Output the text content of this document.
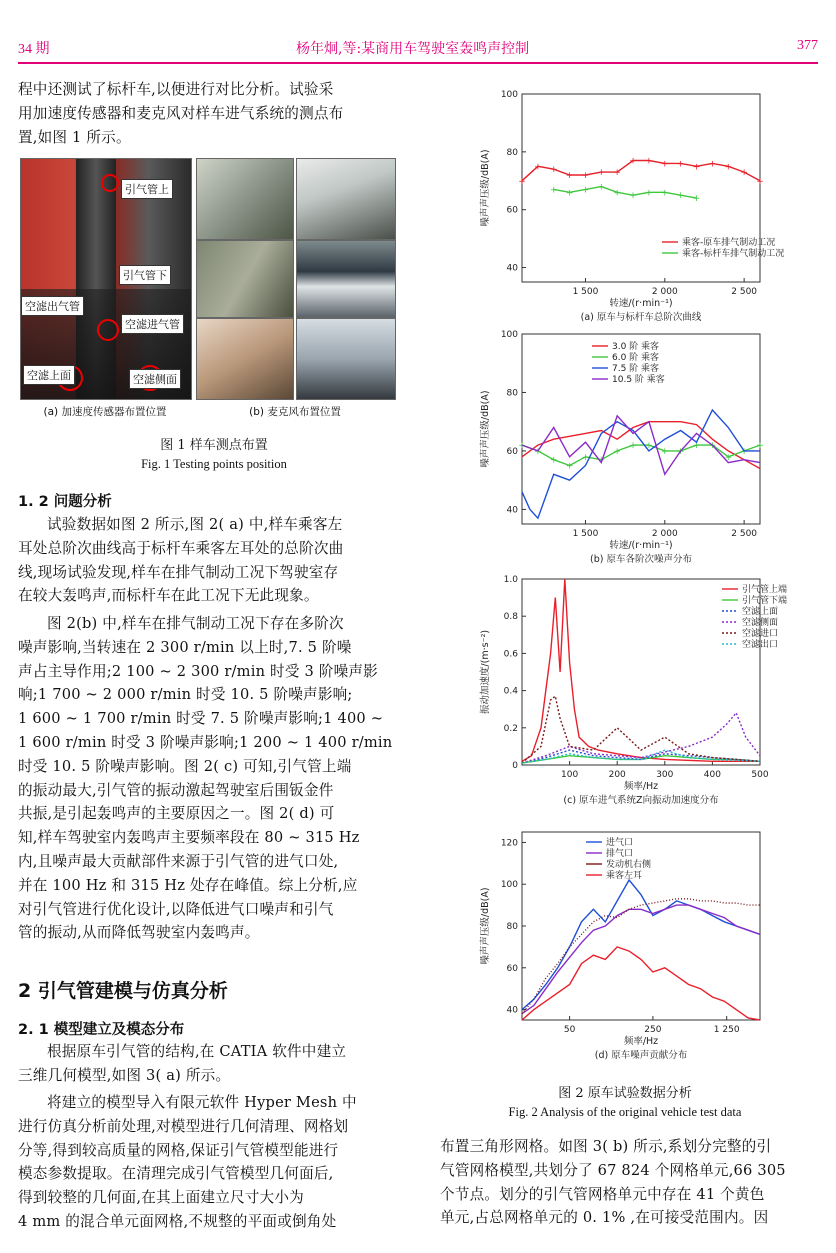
34 期	杨年炯,等:某商用车驾驶室轰鸣声控制	377
程中还测试了标杆车,以便进行对比分析。试验采
用加速度传感器和麦克风对样车进气系统的测点布
置,如图 1 所示。
引气管上
引气管下
空滤出气管
空滤进气管
空滤上面	空滤侧面
(a) 加速度传感器布置位置	(b) 麦克风布置位置
图 1 样车测点布置
Fig. 1 Testing points position
1. 2 问题分析
试验数据如图 2 所示,图 2( a) 中,样车乘客左
耳处总阶次曲线高于标杆车乘客左耳处的总阶次曲
线,现场试验发现,样车在排气制动工况下驾驶室存
在较大轰鸣声,而标杆车在此工况下无此现象。
图 2(b) 中,样车在排气制动工况下存在多阶次
噪声影响,当转速在 2 300 r/min 以上时,7. 5 阶噪
声占主导作用;2 100 ~ 2 300 r/min 时受 3 阶噪声影
响;1 700 ~ 2 000 r/min 时受 10. 5 阶噪声影响;
1 600 ~ 1 700 r/min 时受 7. 5 阶噪声影响;1 400 ~
1 600 r/min 时受 3 阶噪声影响;1 200 ~ 1 400 r/min
时受 10. 5 阶噪声影响。图 2( c) 可知,引气管上端
的振动最大,引气管的振动激起驾驶室后围钣金件
共振,是引起轰鸣声的主要原因之一。图 2( d) 可
知,样车驾驶室内轰鸣声主要频率段在 80 ~ 315 Hz
内,且噪声最大贡献部件来源于引气管的进气口处,
并在 100 Hz 和 315 Hz 处存在峰值。综上分析,应
对引气管进行优化设计,以降低进气口噪声和引气
管的振动,从而降低驾驶室内轰鸣声。
2 引气管建模与仿真分析
2. 1 模型建立及模态分布
根据原车引气管的结构,在 CATIA 软件中建立
三维几何模型,如图 3( a) 所示。
将建立的模型导入有限元软件 Hyper Mesh 中
进行仿真分析前处理,对模型进行几何清理、网格划
分等,得到较高质量的网格,保证引气管模型能进行
模态参数提取。在清理完成引气管模型几何面后,
得到较整的几何面,在其上面建立尺寸大小为
4 mm 的混合单元面网格,不规整的平面或倒角处
40
60
80
100
1 500	2 000	2 500
转速/(r·min⁻¹)
噪声声压级/dB(A)
(a) 原车与标杆车总阶次曲线
+
+ +
+ + + +
+ + + + + + +
+
+
+ + + +
+ + + + + +
乘客-原车排气制动工况
乘客-标杆车排气制动工况
40
60
80
100
1 500	2 000	2 500
转速/(r·min⁻¹)
噪声声压级/dB(A)
(b) 原车各阶次噪声分布
+
+
+
+
+ +
+
+ +
+ +
+ +
+
+
+
3.0 阶 乘客
6.0 阶 乘客
7.5 阶 乘客
10.5 阶 乘客
0
0.2
0.4
0.6
0.8
1.0
100	200	300	400	500
频率/Hz
振动加速度/(m·s⁻²)
(c) 原车进气系统Z向振动加速度分布
引气管上端
引气管下端
空滤上面
空滤侧面
空滤进口
空滤出口
40
60
80
100
120
50	250	1 250
频率/Hz
噪声声压级/dB(A)
(d) 原车噪声贡献分布
进气口
排气口
发动机右侧
乘客左耳
图 2 原车试验数据分析
Fig. 2 Analysis of the original vehicle test data
布置三角形网格。如图 3( b) 所示,系划分完整的引
气管网格模型,共划分了 67 824 个网格单元,66 305
个节点。划分的引气管网格单元中存在 41 个黄色
单元,占总网格单元的 0. 1% ,在可接受范围内。因
